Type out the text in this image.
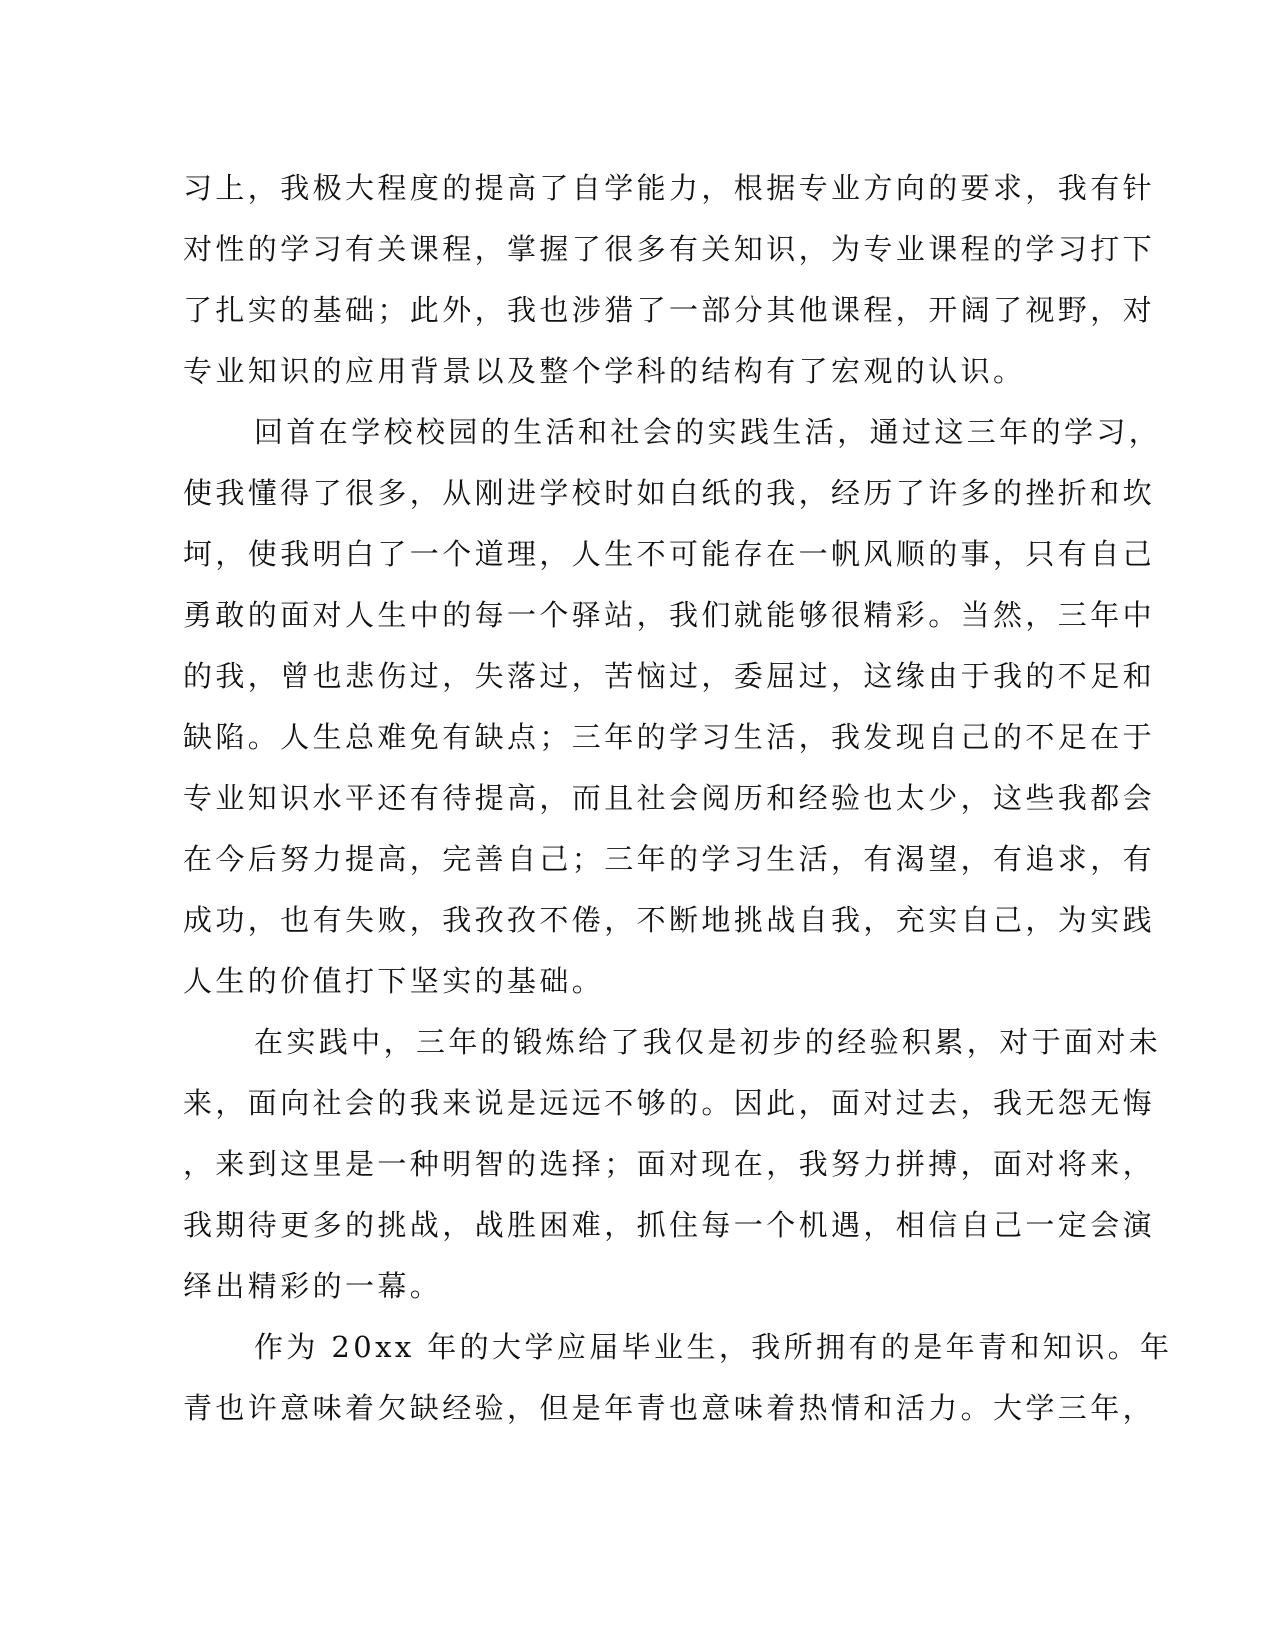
习上，我极大程度的提高了自学能力，根据专业方向的要求，我有针
对性的学习有关课程，掌握了很多有关知识，为专业课程的学习打下
了扎实的基础；此外，我也涉猎了一部分其他课程，开阔了视野，对
专业知识的应用背景以及整个学科的结构有了宏观的认识。
回首在学校校园的生活和社会的实践生活，通过这三年的学习，
使我懂得了很多，从刚进学校时如白纸的我，经历了许多的挫折和坎
坷，使我明白了一个道理，人生不可能存在一帆风顺的事，只有自己
勇敢的面对人生中的每一个驿站，我们就能够很精彩。当然，三年中
的我，曾也悲伤过，失落过，苦恼过，委屈过，这缘由于我的不足和
缺陷。人生总难免有缺点；三年的学习生活，我发现自己的不足在于
专业知识水平还有待提高，而且社会阅历和经验也太少，这些我都会
在今后努力提高，完善自己；三年的学习生活，有渴望，有追求，有
成功，也有失败，我孜孜不倦，不断地挑战自我，充实自己，为实践
人生的价值打下坚实的基础。
在实践中，三年的锻炼给了我仅是初步的经验积累，对于面对未
来，面向社会的我来说是远远不够的。因此，面对过去，我无怨无悔
，来到这里是一种明智的选择；面对现在，我努力拼搏，面对将来，
我期待更多的挑战，战胜困难，抓住每一个机遇，相信自己一定会演
绎出精彩的一幕。
作为 20xx 年的大学应届毕业生，我所拥有的是年青和知识。年
青也许意味着欠缺经验，但是年青也意味着热情和活力。大学三年，
